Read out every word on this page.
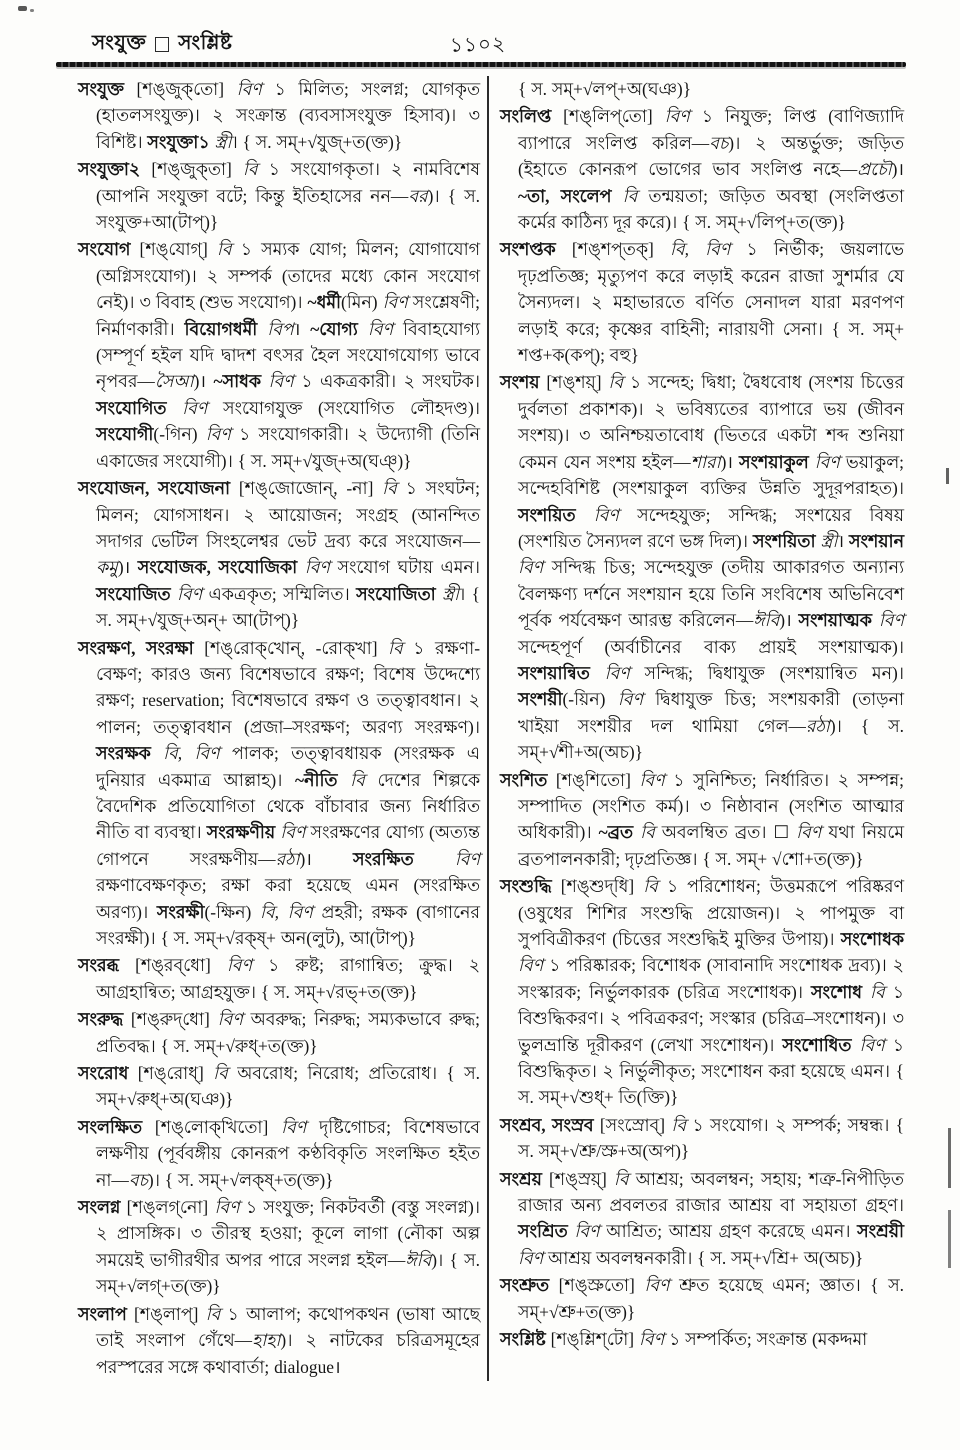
সংযুক্ত সংশ্লিষ্ট	১১০২

সংযুক্ত [শঙ্‌জুক্‌তো] বিণ ১ মিলিত; সংলগ্ন; যোগকৃত (হাতলসংযুক্ত)। ২ সংক্রান্ত (ব্যবসাসংযুক্ত হিসাব)। ৩ বিশিষ্ট। সংযুক্তা১ স্ত্রী। { স. সম্+√যুজ্+ত(ক্ত)}

সংযুক্তা২ [শঙ্‌জুক্‌তা] বি ১ সংযোগকৃতা। ২ নামবিশেষ (আপনি সংযুক্তা বটে; কিন্তু ইতিহাসের নন—বর)। { স. সংযুক্ত+আ(টাপ্)}

সংযোগ [শঙ্‌যোগ্] বি ১ সম্যক যোগ; মিলন; যোগাযোগ (অগ্নিসংযোগ)। ২ সম্পর্ক (তাদের মধ্যে কোন সংযোগ নেই)। ৩ বিবাহ (শুভ সংযোগ)। ~ধর্মী(মিন) বিণ সংশ্লেষণী; নির্মাণকারী। বিয়োগধর্মী বিপ। ~যোগ্য বিণ বিবাহযোগ্য (সম্পূর্ণ হইল যদি দ্বাদশ বৎসর হৈল সংযোগযোগ্য ভাবে নৃপবর—সৈআ)। ~সাধক বিণ ১ একত্রকারী। ২ সংঘটক। সংযোগিত বিণ সংযোগযুক্ত (সংযোগিত লৌহদণ্ড)। সংযোগী(-গিন) বিণ ১ সংযোগকারী। ২ উদ্যোগী (তিনি একাজের সংযোগী)। { স. সম্+√যুজ্+অ(ঘঞ্)}

সংযোজন, সংযোজনা [শঙ্‌জোজোন্, -না] বি ১ সংঘটন; মিলন; যোগসাধন। ২ আয়োজন; সংগ্রহ (আনন্দিত সদাগর ভেটিল সিংহলেশ্বর ভেট দ্রব্য করে সংযোজন—কমু)। সংযোজক, সংযোজিকা বিণ সংযোগ ঘটায় এমন। সংযোজিত বিণ একত্রকৃত; সম্মিলিত। সংযোজিতা স্ত্রী। { স. সম্+√যুজ্+অন্+ আ(টাপ্)}

সংরক্ষণ, সংরক্ষা [শঙ্‌রোক্‌খোন্, -রোক্‌খা] বি ১ রক্ষণা-বেক্ষণ; কারও জন্য বিশেষভাবে রক্ষণ; বিশেষ উদ্দেশ্যে রক্ষণ; reservation; বিশেষভাবে রক্ষণ ও তত্ত্বাবধান। ২ পালন; তত্ত্বাবধান (প্রজা–সংরক্ষণ; অরণ্য সংরক্ষণ)। সংরক্ষক বি, বিণ পালক; তত্ত্বাবধায়ক (সংরক্ষক এ দুনিয়ার একমাত্র আল্লাহ)। ~নীতি বি দেশের শিল্পকে বৈদেশিক প্রতিযোগিতা থেকে বাঁচাবার জন্য নির্ধারিত নীতি বা ব্যবস্থা। সংরক্ষণীয় বিণ সংরক্ষণের যোগ্য (অত্যন্ত গোপনে সংরক্ষণীয়—রঠা)। সংরক্ষিত বিণ রক্ষণাবেক্ষণকৃত; রক্ষা করা হয়েছে এমন (সংরক্ষিত অরণ্য)। সংরক্ষী(-ক্ষিন) বি, বিণ প্রহরী; রক্ষক (বাগানের সংরক্ষী)। { স. সম্+√রক্ষ্+ অন(লুট), আ(টাপ্)}

সংরব্ধ [শঙ্‌রব্‌ধো] বিণ ১ রুষ্ট; রাগান্বিত; ক্রুদ্ধ। ২ আগ্রহান্বিত; আগ্রহযুক্ত। { স. সম্+√রভ্+ত(ক্ত)}

সংরুদ্ধ [শঙ্‌রুদ্‌ধো] বিণ অবরুদ্ধ; নিরুদ্ধ; সম্যকভাবে রুদ্ধ; প্রতিবদ্ধ। { স. সম্+√রুধ্+ত(ক্ত)}

সংরোধ [শঙ্‌রোধ্] বি অবরোধ; নিরোধ; প্রতিরোধ। { স. সম্+√রুধ্+অ(ঘঞ)}

সংলক্ষিত [শঙ্‌লোক্‌খিতো] বিণ দৃষ্টিগোচর; বিশেষভাবে লক্ষণীয় (পূর্ববঙ্গীয় কোনরূপ কণ্ঠবিকৃতি সংলক্ষিত হইত না—বচ)। { স. সম্+√লক্ষ্+ত(ক্ত)}

সংলগ্ন [শঙ্‌লগ্‌নো] বিণ ১ সংযুক্ত; নিকটবর্তী (বস্তু সংলগ্ন)। ২ প্রাসঙ্গিক। ৩ তীরস্থ হওয়া; কূলে লাগা (নৌকা অল্প সময়েই ভাগীরথীর অপর পারে সংলগ্ন হইল—ঈবি)। { স. সম্+√লগ্+ত(ক্ত)}

সংলাপ [শঙ্‌লাপ্] বি ১ আলাপ; কথোপকথন (ভাষা আছে তাই সংলাপ গেঁথে—হাহা)। ২ নাটকের চরিত্রসমূহের পরস্পরের সঙ্গে কথাবার্তা; dialogue।

{ স. সম্+√লপ্+অ(ঘঞ)}

সংলিপ্ত [শঙ্‌লিপ্‌তো] বিণ ১ নিযুক্ত; লিপ্ত (বাণিজ্যাদি ব্যাপারে সংলিপ্ত করিল—বচ)। ২ অন্তর্ভুক্ত; জড়িত (ইহাতে কোনরূপ ভোগের ভাব সংলিপ্ত নহে—প্রচৌ)। ~তা, সংলেপ বি তন্ময়তা; জড়িত অবস্থা (সংলিপ্ততা কর্মের কাঠিন্য দূর করে)। { স. সম্+√লিপ্+ত(ক্ত)}

সংশপ্তক [শঙ্‌শপ্‌তক্] বি, বিণ ১ নির্ভীক; জয়লাভে দৃঢ়প্রতিজ্ঞ; মৃত্যুপণ করে লড়াই করেন রাজা সুশর্মার যে সৈন্যদল। ২ মহাভারতে বর্ণিত সেনাদল যারা মরণপণ লড়াই করে; কৃষ্ণের বাহিনী; নারায়ণী সেনা। { স. সম্+ শপ্ত+ক(কপ্); বহু}

সংশয় [শঙ্‌শয়্] বি ১ সন্দেহ; দ্বিধা; দ্বৈধবোধ (সংশয় চিত্তের দুর্বলতা প্রকাশক)। ২ ভবিষ্যতের ব্যাপারে ভয় (জীবন সংশয়)। ৩ অনিশ্চয়তাবোধ (ভিতরে একটা শব্দ শুনিয়া কেমন যেন সংশয় হইল—শারা)। সংশয়াকুল বিণ ভয়াকুল; সন্দেহবিশিষ্ট (সংশয়াকুল ব্যক্তির উন্নতি সুদূরপরাহত)। সংশয়িত বিণ সন্দেহযুক্ত; সন্দিগ্ধ; সংশয়ের বিষয় (সংশয়িত সৈন্যদল রণে ভঙ্গ দিল)। সংশয়িতা স্ত্রী। সংশয়ান বিণ সন্দিগ্ধ চিত্ত; সন্দেহযুক্ত (তদীয় আকারগত অন্যান্য বৈলক্ষণ্য দর্শনে সংশয়ান হয়ে তিনি সংবিশেষ অভিনিবেশ পূর্বক পর্যবেক্ষণ আরম্ভ করিলেন—ঈবি)। সংশয়াত্মক বিণ সন্দেহপূর্ণ (অর্বাচীনের বাক্য প্রায়ই সংশয়াত্মক)। সংশয়ান্বিত বিণ সন্দিগ্ধ; দ্বিধাযুক্ত (সংশয়ান্বিত মন)। সংশয়ী(-য়িন) বিণ দ্বিধাযুক্ত চিত্ত; সংশয়কারী (তাড়না খাইয়া সংশয়ীর দল থামিয়া গেল—রঠা)। { স. সম্+√শী+অ(অচ)}

সংশিত [শঙ্‌শিতো] বিণ ১ সুনিশ্চিত; নির্ধারিত। ২ সম্পন্ন; সম্পাদিত (সংশিত কর্ম)। ৩ নিষ্ঠাবান (সংশিত আত্মার অধিকারী)। ~ব্রত বি অবলম্বিত ব্রত। ☐ বিণ যথা নিয়মে ব্রতপালনকারী; দৃঢ়প্রতিজ্ঞ। { স. সম্+ √শো+ত(ক্ত)}

সংশুদ্ধি [শঙ্‌শুদ্‌ধি] বি ১ পরিশোধন; উত্তমরূপে পরিষ্করণ (ওষুধের শিশির সংশুদ্ধি প্রয়োজন)। ২ পাপমুক্ত বা সুপবিত্রীকরণ (চিত্তের সংশুদ্ধিই মুক্তির উপায়)। সংশোধক বিণ ১ পরিষ্কারক; বিশোধক (সাবানাদি সংশোধক দ্রব্য)। ২ সংস্কারক; নির্ভুলকারক (চরিত্র সংশোধক)। সংশোধ বি ১ বিশুদ্ধিকরণ। ২ পবিত্রকরণ; সংস্কার (চরিত্র–সংশোধন)। ৩ ভুলভ্রান্তি দূরীকরণ (লেখা সংশোধন)। সংশোধিত বিণ ১ বিশুদ্ধিকৃত। ২ নির্ভুলীকৃত; সংশোধন করা হয়েছে এমন। { স. সম্+√শুধ্+ তি(ক্তি)}

সংশ্রব, সংস্রব [সংস্রোব্] বি ১ সংযোগ। ২ সম্পর্ক; সম্বন্ধ। { স. সম্+√শ্রু/স্রু+অ(অপ)}

সংশ্রয় [শঙ্‌স্রয়্] বি আশ্রয়; অবলম্বন; সহায়; শত্রু-নিপীড়িত রাজার অন্য প্রবলতর রাজার আশ্রয় বা সহায়তা গ্রহণ। সংশ্রিত বিণ আশ্রিত; আশ্রয় গ্রহণ করেছে এমন। সংশ্রয়ী বিণ আশ্রয় অবলম্বনকারী। { স. সম্+√শ্রি+ অ(অচ)}

সংশ্রুত [শঙ্‌স্রুতো] বিণ শ্রুত হয়েছে এমন; জ্ঞাত। { স. সম্+√শ্রু+ত(ক্ত)}

সংশ্লিষ্ট [শঙ্‌শ্লিশ্‌টো] বিণ ১ সম্পর্কিত; সংক্রান্ত (মকদ্দমা
